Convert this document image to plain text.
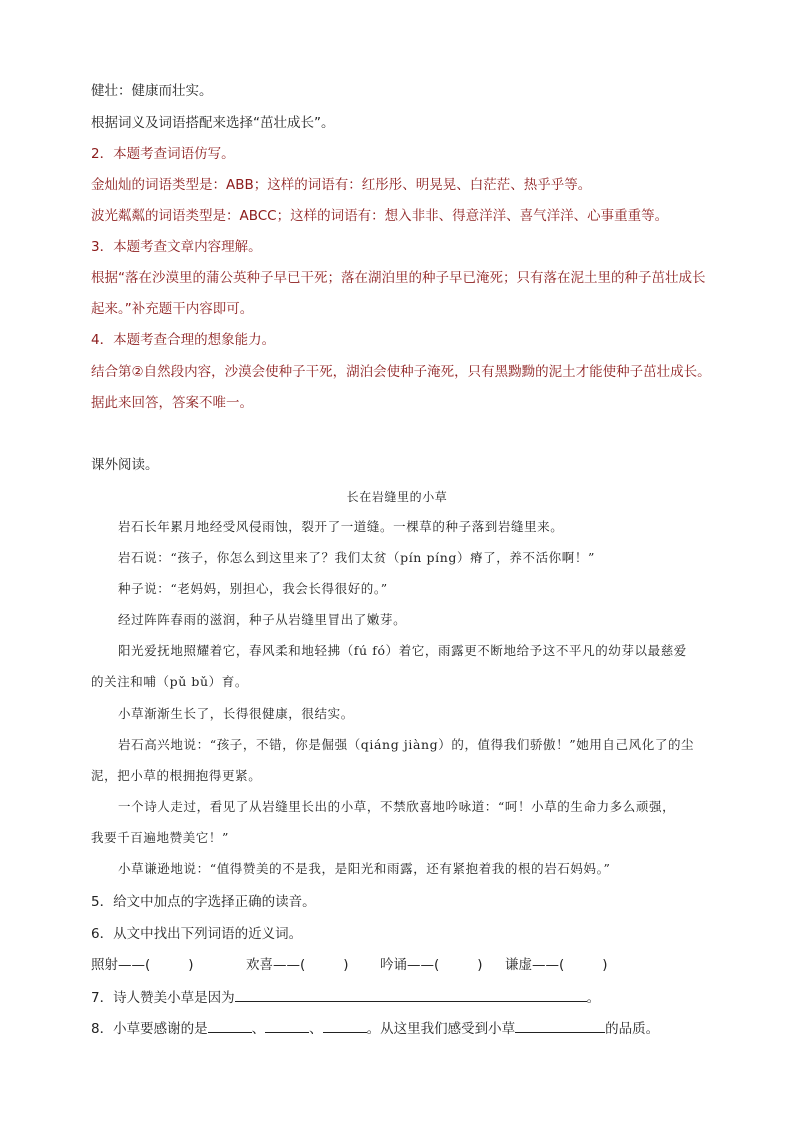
健壮：健康而壮实。
根据词义及词语搭配来选择“茁壮成长”。
2．本题考查词语仿写。
金灿灿的词语类型是：ABB；这样的词语有：红彤彤、明晃晃、白茫茫、热乎乎等。
波光粼粼的词语类型是：ABCC；这样的词语有：想入非非、得意洋洋、喜气洋洋、心事重重等。
3．本题考查文章内容理解。
根据“落在沙漠里的蒲公英种子早已干死；落在湖泊里的种子早已淹死；只有落在泥土里的种子茁壮成长
起来。”补充题干内容即可。
4．本题考查合理的想象能力。
结合第②自然段内容，沙漠会使种子干死，湖泊会使种子淹死，只有黑黝黝的泥土才能使种子茁壮成长。
据此来回答，答案不唯一。
课外阅读。
长在岩缝里的小草
岩石长年累月地经受风侵雨蚀，裂开了一道缝。一棵草的种子落到岩缝里来。
岩石说：“孩子，你怎么到这里来了？我们太贫（pín píng）瘠了，养不活你啊！”
种子说：“老妈妈，别担心，我会长得很好的。”
经过阵阵春雨的滋润，种子从岩缝里冒出了嫩芽。
阳光爱抚地照耀着它，春风柔和地轻拂（fú fó）着它，雨露更不断地给予这不平凡的幼芽以最慈爱
的关注和哺（pǔ bǔ）育。
小草渐渐生长了，长得很健康，很结实。
岩石高兴地说：“孩子，不错，你是倔强（qiáng jiàng）的，值得我们骄傲！”她用自己风化了的尘
泥，把小草的根拥抱得更紧。
一个诗人走过，看见了从岩缝里长出的小草，不禁欣喜地吟咏道：“呵！小草的生命力多么顽强，
我要千百遍地赞美它！”
小草谦逊地说：“值得赞美的不是我，是阳光和雨露，还有紧抱着我的根的岩石妈妈。”
5．给文中加点的字选择正确的读音。
6．从文中找出下列词语的近义词。
照射——(	)	欢喜——(	) 吟诵——(	) 谦虚——(	)
7．诗人赞美小草是因为	。
8．小草要感谢的是	、	、	。从这里我们感受到小草	的品质。
